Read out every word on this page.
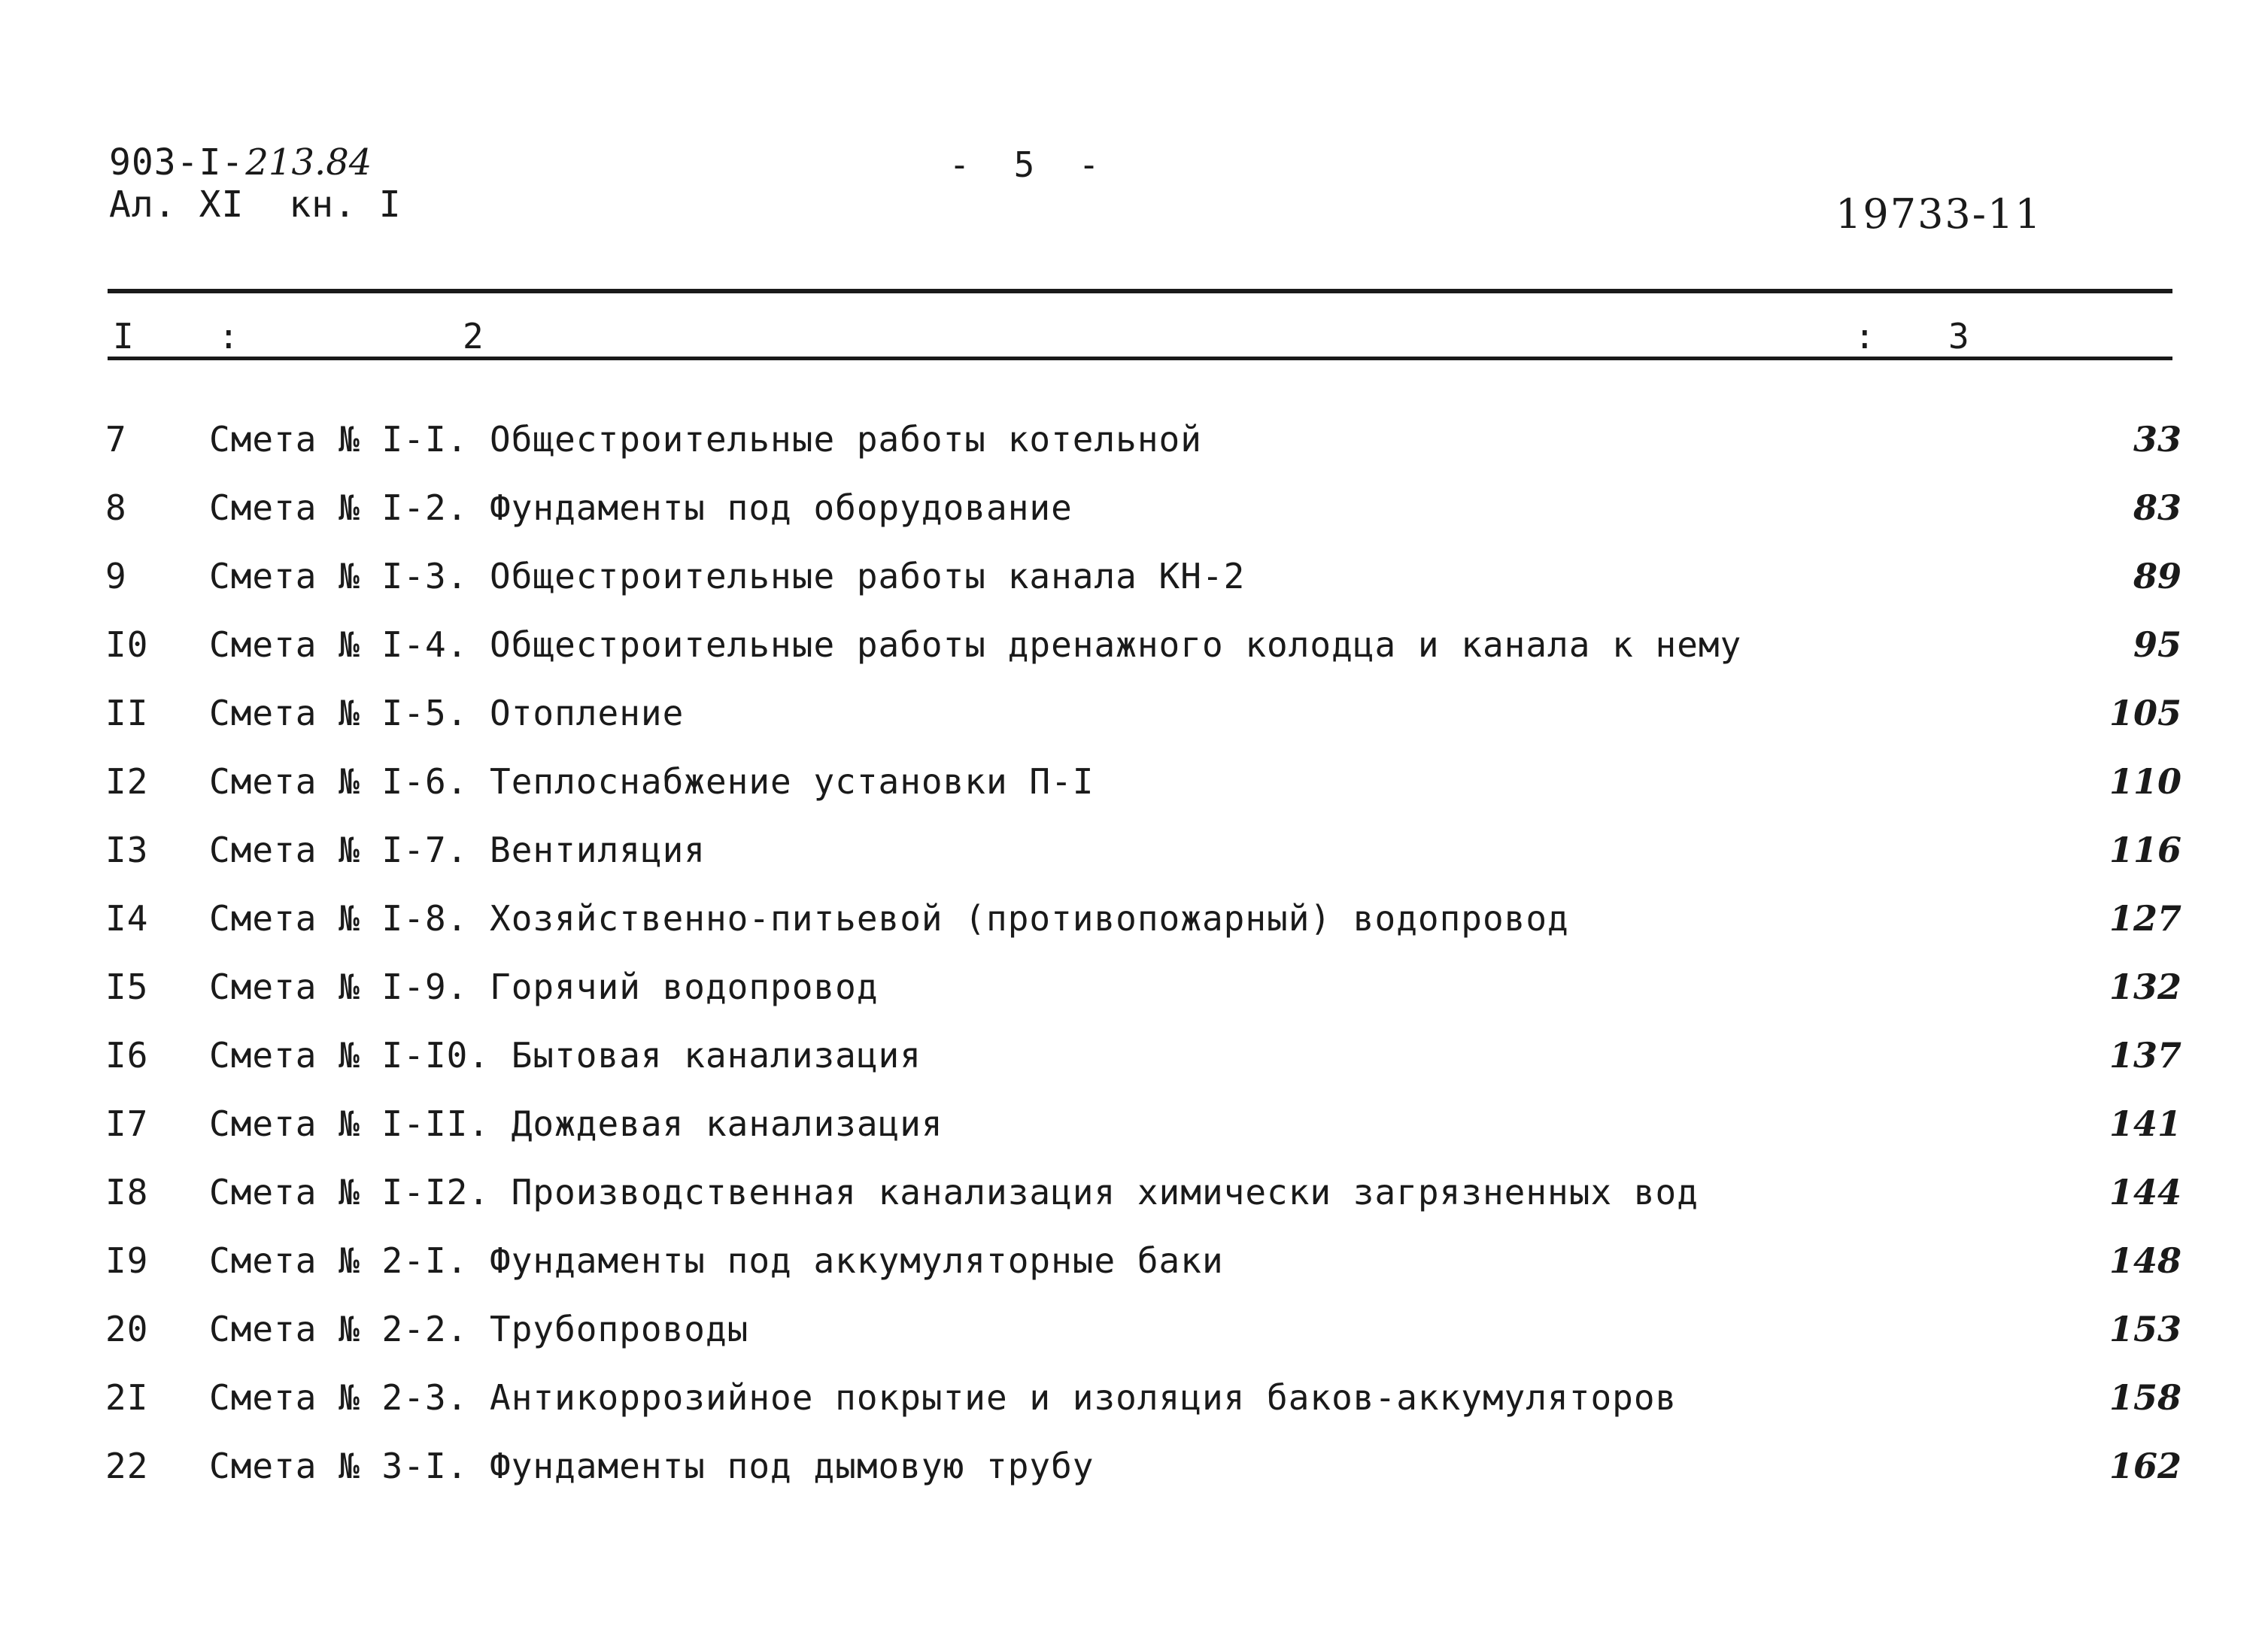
903-I-213.84
Ал. XI  кн. I
-  5  -
19733-11
I :	2	: 3
7	Смета № I-I. Общестроительные работы котельной	33
8	Смета № I-2. Фундаменты под оборудование	83
9	Смета № I-3. Общестроительные работы канала КН-2	89
I0	Смета № I-4. Общестроительные работы дренажного колодца и канала к нему	95
II	Смета № I-5. Отопление	105
I2	Смета № I-6. Теплоснабжение установки П-I	110
I3	Смета № I-7. Вентиляция	116
I4	Смета № I-8. Хозяйственно-питьевой (противопожарный) водопровод	127
I5	Смета № I-9. Горячий водопровод	132
I6	Смета № I-I0. Бытовая канализация	137
I7	Смета № I-II. Дождевая канализация	141
I8	Смета № I-I2. Производственная канализация химически загрязненных вод	144
I9	Смета № 2-I. Фундаменты под аккумуляторные баки	148
20	Смета № 2-2. Трубопроводы	153
2I	Смета № 2-3. Антикоррозийное покрытие и изоляция баков-аккумуляторов	158
22	Смета № 3-I. Фундаменты под дымовую трубу	162
